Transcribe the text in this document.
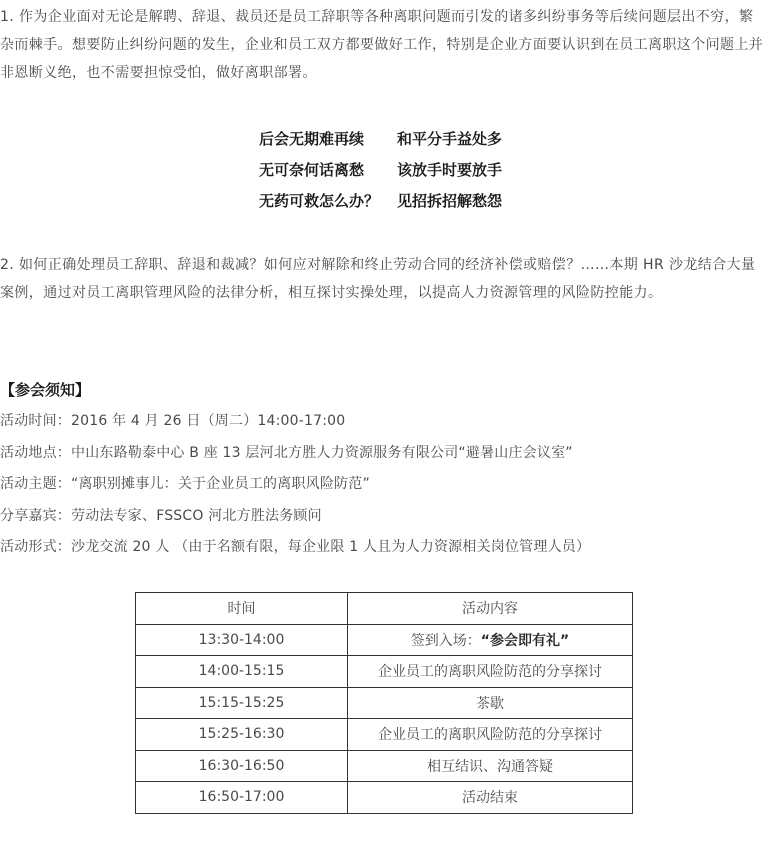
1. 作为企业面对无论是解聘、辞退、裁员还是员工辞职等各种离职问题而引发的诸多纠纷事务等后续问题层出不穷，繁杂而棘手。想要防止纠纷问题的发生，企业和员工双方都要做好工作，特别是企业方面要认识到在员工离职这个问题上并非恩断义绝，也不需要担惊受怕，做好离职部署。

后会无期难再续	和平分手益处多
无可奈何话离愁	该放手时要放手
无药可救怎么办？	见招拆招解愁怨

2. 如何正确处理员工辞职、辞退和裁减？如何应对解除和终止劳动合同的经济补偿或赔偿？……本期 HR 沙龙结合大量案例，通过对员工离职管理风险的法律分析，相互探讨实操处理，以提高人力资源管理的风险防控能力。

【参会须知】
活动时间：2016 年 4 月 26 日（周二）14:00-17:00
活动地点：中山东路勒泰中心 B 座 13 层河北方胜人力资源服务有限公司“避暑山庄会议室”
活动主题：“离职别摊事儿：关于企业员工的离职风险防范”
分享嘉宾：劳动法专家、FSSCO 河北方胜法务顾问
活动形式：沙龙交流 20 人 （由于名额有限，每企业限 1 人且为人力资源相关岗位管理人员）
时间	活动内容
13:30-14:00	签到入场：“参会即有礼”
14:00-15:15	企业员工的离职风险防范的分享探讨
15:15-15:25	茶歇
15:25-16:30	企业员工的离职风险防范的分享探讨
16:30-16:50	相互结识、沟通答疑
16:50-17:00	活动结束
